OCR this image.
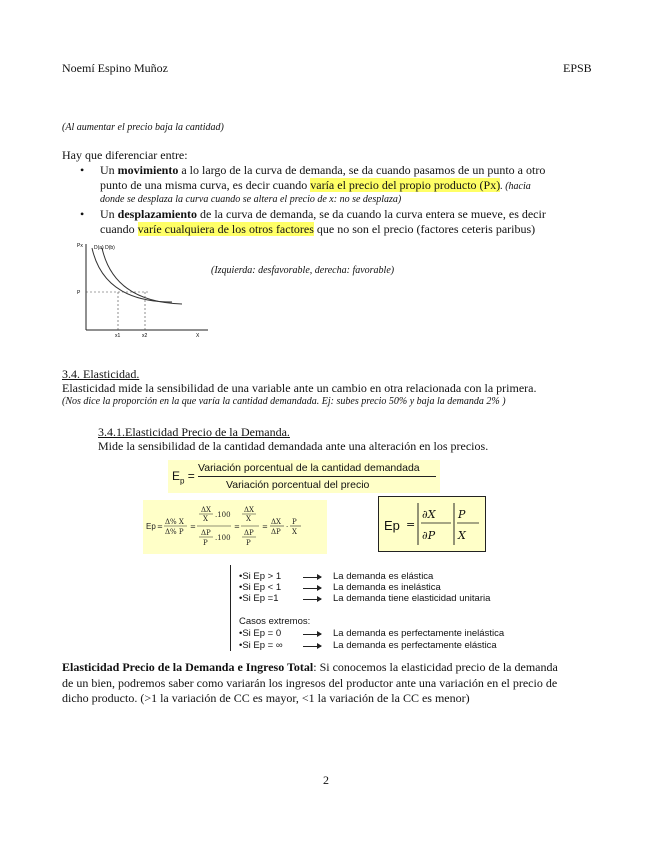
Noemí Espino Muñoz	EPSB
(Al aumentar el precio baja la cantidad)
Hay que diferenciar entre:
• Un movimiento a lo largo de la curva de demanda, se da cuando pasamos de un punto a otro
punto de una misma curva, es decir cuando varía el precio del propio producto (Px). (hacia
donde se desplaza la curva cuando se altera el precio de x: no se desplaza)
• Un desplazamiento de la curva de demanda, se da cuando la curva entera se mueve, es decir
cuando varíe cualquiera de los otros factores que no son el precio (factores ceteris paribus)
Px D(a) D(b)
P
x1	x2	X
(Izquierda: desfavorable, derecha: favorable)
3.4. Elasticidad.
Elasticidad mide la sensibilidad de una variable ante un cambio en otra relacionada con la primera.
(Nos dice la proporción en la que varía la cantidad demandada. Ej: subes precio 50% y baja la demanda 2% )
3.4.1.Elasticidad Precio de la Demanda.
Mide la sensibilidad de la cantidad demandada ante una alteración en los precios.
$E_p$ =
Variación porcentual de la cantidad demandada
Variación porcentual del precio
Ep =
Δ% X
Δ% P
=
ΔX
X .100
ΔP
P
.100
=
ΔX
X
ΔP
P
=
ΔX
ΔP
·
P
X	Ep =
∂X
∂P
P
X
•Si Ep > 1	La demanda es elástica
•Si Ep < 1	La demanda es inelástica
•Si Ep =1	La demanda tiene elasticidad unitaria
Casos extremos:
•Si Ep = 0	La demanda es perfectamente inelástica
•Si Ep = ∞	La demanda es perfectamente elástica
Elasticidad Precio de la Demanda e Ingreso Total: Si conocemos la elasticidad precio de la demanda
de un bien, podremos saber como variarán los ingresos del productor ante una variación en el precio de
dicho producto. (>1 la variación de CC es mayor, <1 la variación de la CC es menor)
2
